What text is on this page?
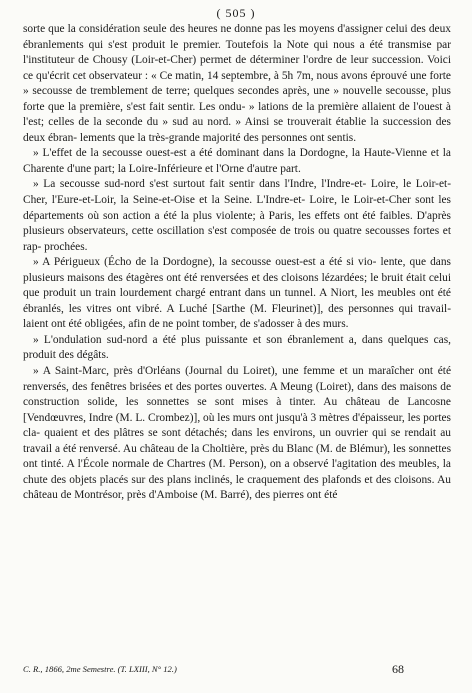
( 505 )

sorte que la considération seule des heures ne donne pas les moyens d'assigner celui des deux ébranlements qui s'est produit le premier. Toutefois la Note qui nous a été transmise par l'instituteur de Chousy (Loir-et-Cher) permet de déterminer l'ordre de leur succession. Voici ce qu'écrit cet observateur : « Ce matin, 14 septembre, à 5h 7m, nous avons éprouvé une forte » secousse de tremblement de terre; quelques secondes après, une » nouvelle secousse, plus forte que la première, s'est fait sentir. Les ondu- » lations de la première allaient de l'ouest à l'est; celles de la seconde du » sud au nord. » Ainsi se trouverait établie la succession des deux ébran- lements que la très-grande majorité des personnes ont sentis.

» L'effet de la secousse ouest-est a été dominant dans la Dordogne, la Haute-Vienne et la Charente d'une part; la Loire-Inférieure et l'Orne d'autre part.

» La secousse sud-nord s'est surtout fait sentir dans l'Indre, l'Indre-et- Loire, le Loir-et-Cher, l'Eure-et-Loir, la Seine-et-Oise et la Seine. L'Indre-et- Loire, le Loir-et-Cher sont les départements où son action a été la plus violente; à Paris, les effets ont été faibles. D'après plusieurs observateurs, cette oscillation s'est composée de trois ou quatre secousses fortes et rap- prochées.

» A Périgueux (Écho de la Dordogne), la secousse ouest-est a été si vio- lente, que dans plusieurs maisons des étagères ont été renversées et des cloisons lézardées; le bruit était celui que produit un train lourdement chargé entrant dans un tunnel. A Niort, les meubles ont été ébranlés, les vitres ont vibré. A Luché [Sarthe (M. Fleurinet)], des personnes qui travail- laient ont été obligées, afin de ne point tomber, de s'adosser à des murs.

» L'ondulation sud-nord a été plus puissante et son ébranlement a, dans quelques cas, produit des dégâts.

» A Saint-Marc, près d'Orléans (Journal du Loiret), une femme et un maraîcher ont été renversés, des fenêtres brisées et des portes ouvertes. A Meung (Loiret), dans des maisons de construction solide, les sonnettes se sont mises à tinter. Au château de Lancosne [Vendœuvres, Indre (M. L. Crombez)], où les murs ont jusqu'à 3 mètres d'épaisseur, les portes cla- quaient et des plâtres se sont détachés; dans les environs, un ouvrier qui se rendait au travail a été renversé. Au château de la Choltière, près du Blanc (M. de Blémur), les sonnettes ont tinté. A l'École normale de Chartres (M. Person), on a observé l'agitation des meubles, la chute des objets placés sur des plans inclinés, le craquement des plafonds et des cloisons. Au château de Montrésor, près d'Amboise (M. Barré), des pierres ont été

C. R., 1866, 2me Semestre. (T. LXIII, N° 12.)	68
